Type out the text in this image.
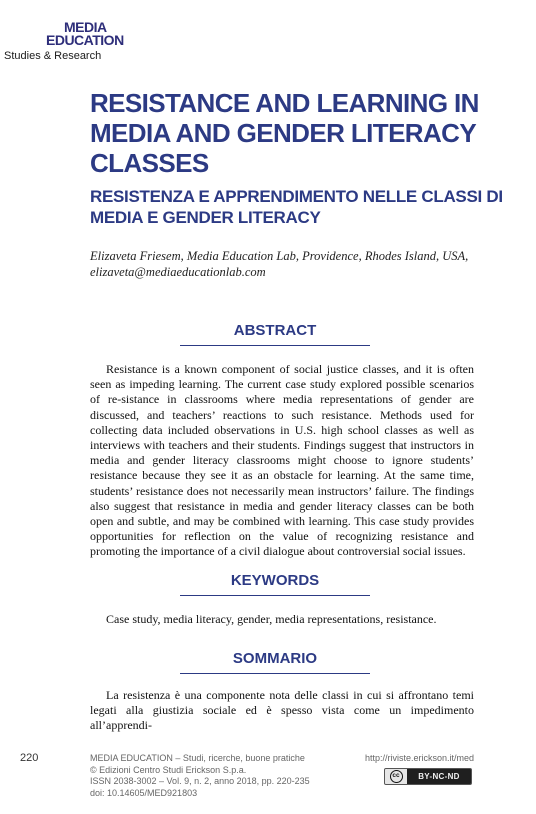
MEDIA
EDUCATION
Studies & Research
RESISTANCE AND LEARNING IN MEDIA AND GENDER LITERACY CLASSES
RESISTENZA E APPRENDIMENTO NELLE CLASSI DI MEDIA E GENDER LITERACY
Elizaveta Friesem, Media Education Lab, Providence, Rhodes Island, USA, elizaveta@mediaeducationlab.com
ABSTRACT
Resistance is a known component of social justice classes, and it is often seen as impeding learning. The current case study explored possible scenarios of re-sistance in classrooms where media representations of gender are discussed, and teachers’ reactions to such resistance. Methods used for collecting data included observations in U.S. high school classes as well as interviews with teachers and their students. Findings suggest that instructors in media and gender literacy classrooms might choose to ignore students’ resistance because they see it as an obstacle for learning. At the same time, students’ resistance does not necessarily mean instructors’ failure. The findings also suggest that resistance in media and gender literacy classes can be both open and subtle, and may be combined with learning. This case study provides opportunities for reflection on the value of recognizing resistance and promoting the importance of a civil dialogue about controversial social issues.
KEYWORDS
Case study, media literacy, gender, media representations, resistance.
SOMMARIO
La resistenza è una componente nota delle classi in cui si affrontano temi legati alla giustizia sociale ed è spesso vista come un impedimento all’apprendi-
220	MEDIA EDUCATION – Studi, ricerche, buone pratiche
© Edizioni Centro Studi Erickson S.p.a.
ISSN 2038-3002 – Vol. 9, n. 2, anno 2018, pp. 220-235
doi: 10.14605/MED921803
http://riviste.erickson.it/med
cc	BY-NC-ND
